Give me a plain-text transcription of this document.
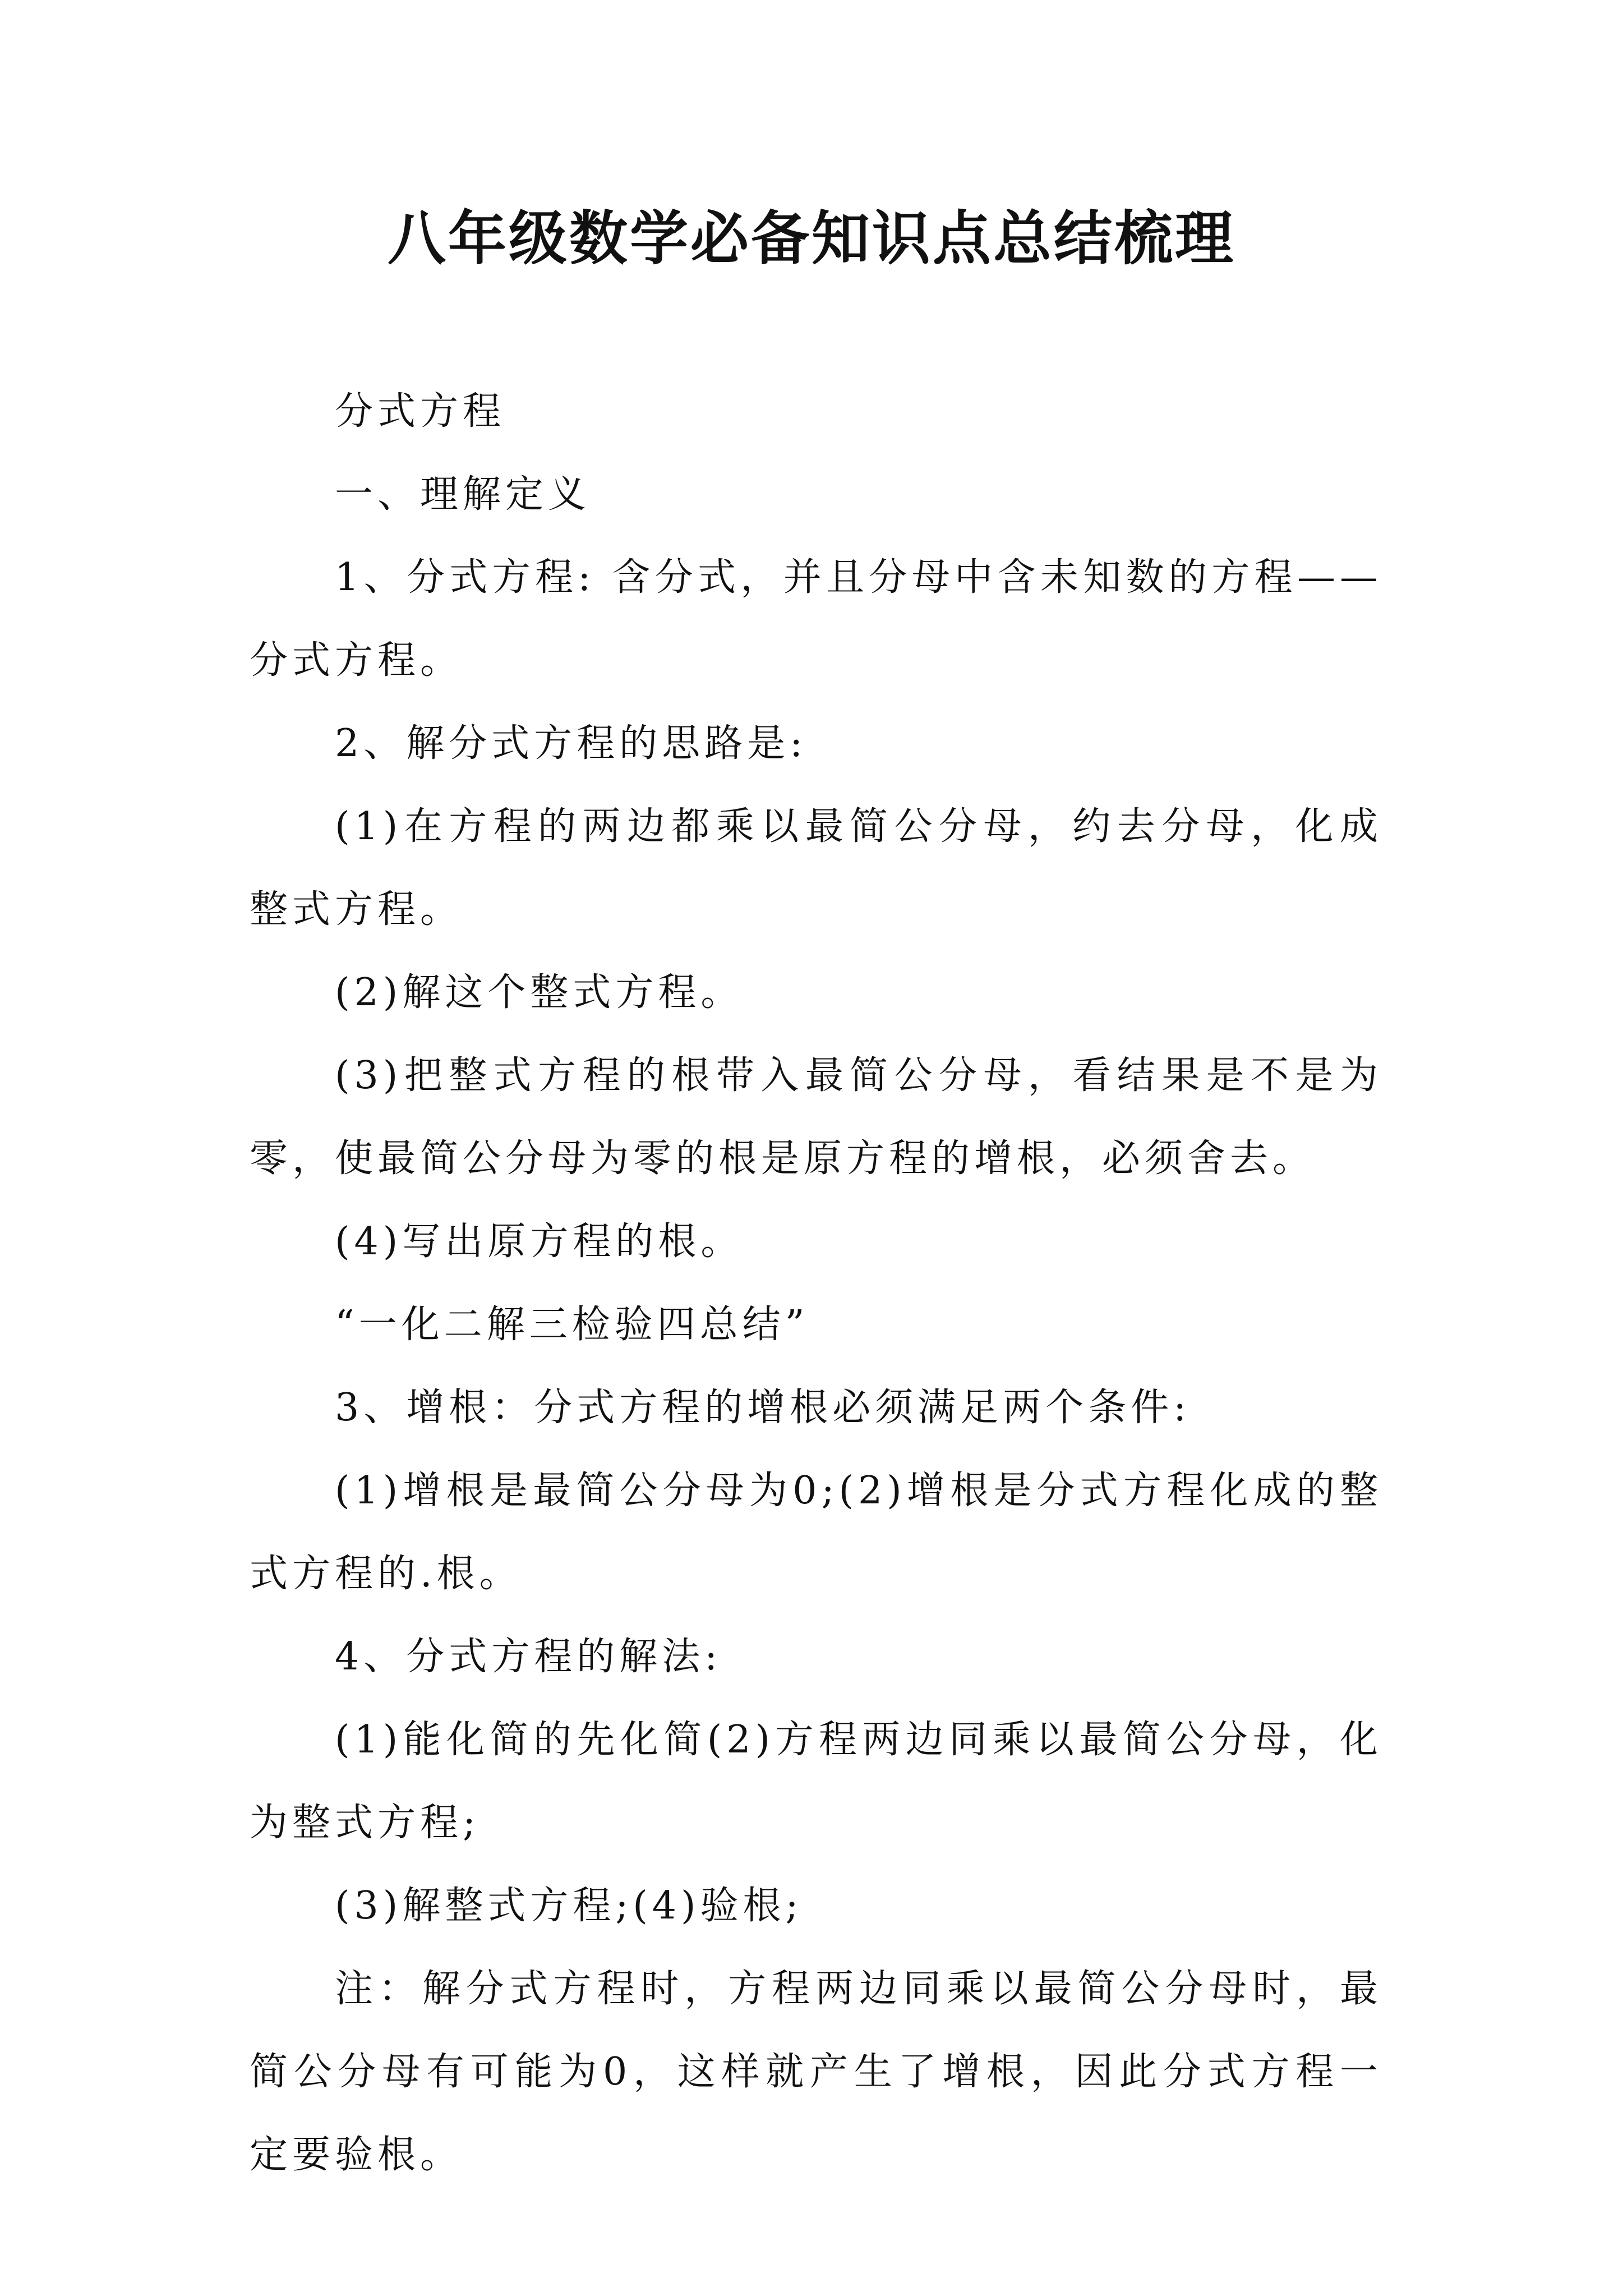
八年级数学必备知识点总结梳理

分式方程

一、理解定义

1、分式方程: 含分式，并且分母中含未知数的方程——分式方程。

2、解分式方程的思路是:

(1)在方程的两边都乘以最简公分母，约去分母，化成整式方程。

(2)解这个整式方程。

(3)把整式方程的根带入最简公分母，看结果是不是为零，使最简公分母为零的根是原方程的增根，必须舍去。

(4)写出原方程的根。

“一化二解三检验四总结”

3、增根：分式方程的增根必须满足两个条件:

(1)增根是最简公分母为0;(2)增根是分式方程化成的整式方程的.根。

4、分式方程的解法:

(1)能化简的先化简(2)方程两边同乘以最简公分母，化为整式方程;

(3)解整式方程;(4)验根;

注：解分式方程时，方程两边同乘以最简公分母时，最简公分母有可能为0，这样就产生了增根，因此分式方程一定要验根。
